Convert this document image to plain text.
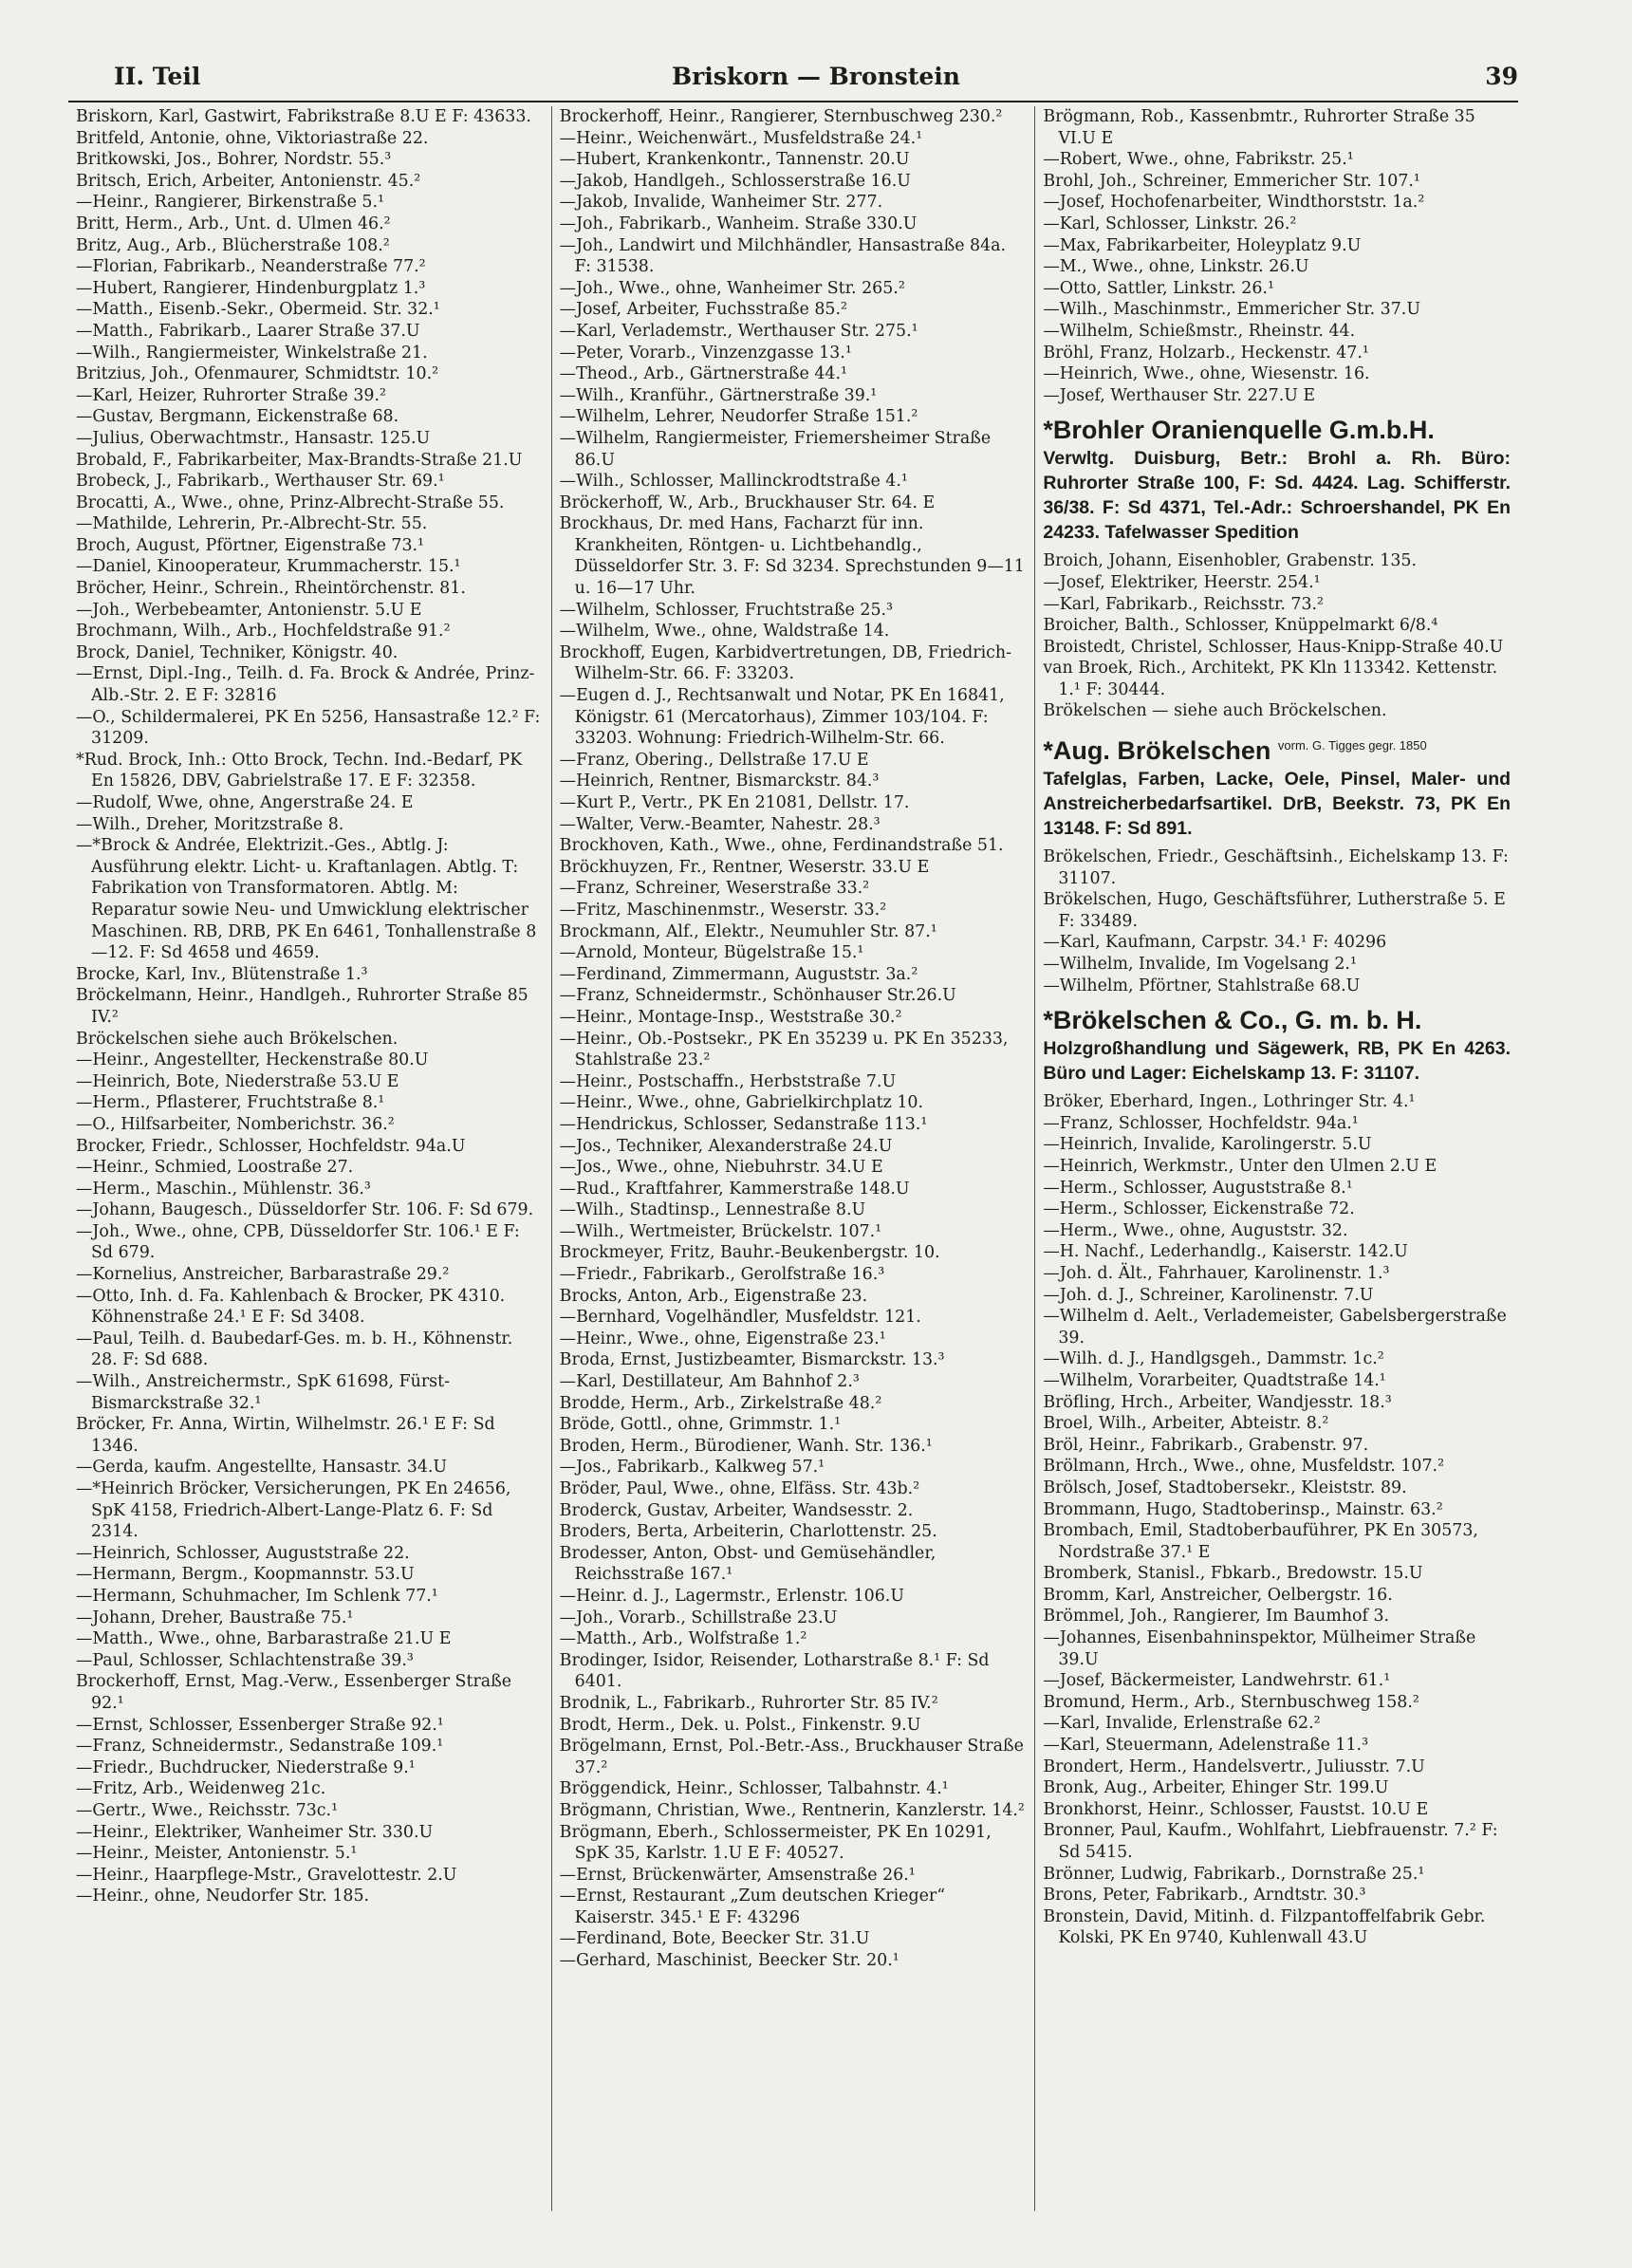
II. Teil	Briskorn — Bronstein	39

Briskorn, Karl, Gastwirt, Fabrikstraße 8.U E F: 43633.

Britfeld, Antonie, ohne, Viktoriastraße 22.

Britkowski, Jos., Bohrer, Nordstr. 55.³

Britsch, Erich, Arbeiter, Antonienstr. 45.²

—Heinr., Rangierer, Birkenstraße 5.¹

Britt, Herm., Arb., Unt. d. Ulmen 46.²

Britz, Aug., Arb., Blücherstraße 108.²

—Florian, Fabrikarb., Neanderstraße 77.²

—Hubert, Rangierer, Hindenburgplatz 1.³

—Matth., Eisenb.-Sekr., Obermeid. Str. 32.¹

—Matth., Fabrikarb., Laarer Straße 37.U

—Wilh., Rangiermeister, Winkelstraße 21.

Britzius, Joh., Ofenmaurer, Schmidtstr. 10.²

—Karl, Heizer, Ruhrorter Straße 39.²

—Gustav, Bergmann, Eickenstraße 68.

—Julius, Oberwachtmstr., Hansastr. 125.U

Brobald, F., Fabrikarbeiter, Max-Brandts-Straße 21.U

Brobeck, J., Fabrikarb., Werthauser Str. 69.¹

Brocatti, A., Wwe., ohne, Prinz-Albrecht-Straße 55.

—Mathilde, Lehrerin, Pr.-Albrecht-Str. 55.

Broch, August, Pförtner, Eigenstraße 73.¹

—Daniel, Kinooperateur, Krummacherstr. 15.¹

Bröcher, Heinr., Schrein., Rheintörchenstr. 81.

—Joh., Werbebeamter, Antonienstr. 5.U E

Brochmann, Wilh., Arb., Hochfeldstraße 91.²

Brock, Daniel, Techniker, Königstr. 40.

—Ernst, Dipl.-Ing., Teilh. d. Fa. Brock & Andrée, Prinz- Alb.-Str. 2. E F: 32816

—O., Schildermalerei, PK En 5256, Hansastraße 12.² F: 31209.

*Rud. Brock, Inh.: Otto Brock, Techn. Ind.-Bedarf, PK En 15826, DBV, Gabrielstraße 17. E F: 32358.

—Rudolf, Wwe, ohne, Angerstraße 24. E

—Wilh., Dreher, Moritzstraße 8.

—*Brock & Andrée, Elektrizit.-Ges., Abtlg. J: Ausführung elektr. Licht- u. Kraftanlagen. Abtlg. T: Fabrikation von Transformatoren. Abtlg. M: Reparatur sowie Neu- und Umwicklung elektrischer Maschinen. RB, DRB, PK En 6461, Tonhallenstraße 8—12. F: Sd 4658 und 4659.

Brocke, Karl, Inv., Blütenstraße 1.³

Bröckelmann, Heinr., Handlgeh., Ruhrorter Straße 85 IV.²

Bröckelschen siehe auch Brökelschen.

—Heinr., Angestellter, Heckenstraße 80.U

—Heinrich, Bote, Niederstraße 53.U E

—Herm., Pflasterer, Fruchtstraße 8.¹

—O., Hilfsarbeiter, Nomberichstr. 36.²

Brocker, Friedr., Schlosser, Hochfeldstr. 94a.U

—Heinr., Schmied, Loostraße 27.

—Herm., Maschin., Mühlenstr. 36.³

—Johann, Baugesch., Düsseldorfer Str. 106. F: Sd 679.

—Joh., Wwe., ohne, CPB, Düsseldorfer Str. 106.¹ E F: Sd 679.

—Kornelius, Anstreicher, Barbarastraße 29.²

—Otto, Inh. d. Fa. Kahlenbach & Brocker, PK 4310. Köhnenstraße 24.¹ E F: Sd 3408.

—Paul, Teilh. d. Baubedarf-Ges. m. b. H., Köhnenstr. 28. F: Sd 688.

—Wilh., Anstreichermstr., SpK 61698, Fürst-Bismarckstraße 32.¹

Bröcker, Fr. Anna, Wirtin, Wilhelmstr. 26.¹ E F: Sd 1346.

—Gerda, kaufm. Angestellte, Hansastr. 34.U

—*Heinrich Bröcker, Versicherungen, PK En 24656, SpK 4158, Friedrich-Albert-Lange-Platz 6. F: Sd 2314.

—Heinrich, Schlosser, Auguststraße 22.

—Hermann, Bergm., Koopmannstr. 53.U

—Hermann, Schuhmacher, Im Schlenk 77.¹

—Johann, Dreher, Baustraße 75.¹

—Matth., Wwe., ohne, Barbarastraße 21.U E

—Paul, Schlosser, Schlachtenstraße 39.³

Brockerhoff, Ernst, Mag.-Verw., Essenberger Straße 92.¹

—Ernst, Schlosser, Essenberger Straße 92.¹

—Franz, Schneidermstr., Sedanstraße 109.¹

—Friedr., Buchdrucker, Niederstraße 9.¹

—Fritz, Arb., Weidenweg 21c.

—Gertr., Wwe., Reichsstr. 73c.¹

—Heinr., Elektriker, Wanheimer Str. 330.U

—Heinr., Meister, Antonienstr. 5.¹

—Heinr., Haarpflege-Mstr., Gravelottestr. 2.U

—Heinr., ohne, Neudorfer Str. 185.

Brockerhoff, Heinr., Rangierer, Sternbuschweg 230.²

—Heinr., Weichenwärt., Musfeldstraße 24.¹

—Hubert, Krankenkontr., Tannenstr. 20.U

—Jakob, Handlgeh., Schlosserstraße 16.U

—Jakob, Invalide, Wanheimer Str. 277.

—Joh., Fabrikarb., Wanheim. Straße 330.U

—Joh., Landwirt und Milchhändler, Hansastraße 84a. F: 31538.

—Joh., Wwe., ohne, Wanheimer Str. 265.²

—Josef, Arbeiter, Fuchsstraße 85.²

—Karl, Verlademstr., Werthauser Str. 275.¹

—Peter, Vorarb., Vinzenzgasse 13.¹

—Theod., Arb., Gärtnerstraße 44.¹

—Wilh., Kranführ., Gärtnerstraße 39.¹

—Wilhelm, Lehrer, Neudorfer Straße 151.²

—Wilhelm, Rangiermeister, Friemersheimer Straße 86.U

—Wilh., Schlosser, Mallinckrodtstraße 4.¹

Bröckerhoff, W., Arb., Bruckhauser Str. 64. E

Brockhaus, Dr. med Hans, Facharzt für inn. Krankheiten, Röntgen- u. Lichtbehandlg., Düsseldorfer Str. 3. F: Sd 3234. Sprechstunden 9—11 u. 16—17 Uhr.

—Wilhelm, Schlosser, Fruchtstraße 25.³

—Wilhelm, Wwe., ohne, Waldstraße 14.

Brockhoff, Eugen, Karbidvertretungen, DB, Friedrich-Wilhelm-Str. 66. F: 33203.

—Eugen d. J., Rechtsanwalt und Notar, PK En 16841, Königstr. 61 (Mercatorhaus), Zimmer 103/104. F: 33203. Wohnung: Friedrich-Wilhelm-Str. 66.

—Franz, Obering., Dellstraße 17.U E

—Heinrich, Rentner, Bismarckstr. 84.³

—Kurt P., Vertr., PK En 21081, Dellstr. 17.

—Walter, Verw.-Beamter, Nahestr. 28.³

Brockhoven, Kath., Wwe., ohne, Ferdinandstraße 51.

Bröckhuyzen, Fr., Rentner, Weserstr. 33.U E

—Franz, Schreiner, Weserstraße 33.²

—Fritz, Maschinenmstr., Weserstr. 33.²

Brockmann, Alf., Elektr., Neumuhler Str. 87.¹

—Arnold, Monteur, Bügelstraße 15.¹

—Ferdinand, Zimmermann, Auguststr. 3a.²

—Franz, Schneidermstr., Schönhauser Str.26.U

—Heinr., Montage-Insp., Weststraße 30.²

—Heinr., Ob.-Postsekr., PK En 35239 u. PK En 35233, Stahlstraße 23.²

—Heinr., Postschaffn., Herbststraße 7.U

—Heinr., Wwe., ohne, Gabrielkirchplatz 10.

—Hendrickus, Schlosser, Sedanstraße 113.¹

—Jos., Techniker, Alexanderstraße 24.U

—Jos., Wwe., ohne, Niebuhrstr. 34.U E

—Rud., Kraftfahrer, Kammerstraße 148.U

—Wilh., Stadtinsp., Lennestraße 8.U

—Wilh., Wertmeister, Brückelstr. 107.¹

Brockmeyer, Fritz, Bauhr.-Beukenbergstr. 10.

—Friedr., Fabrikarb., Gerolfstraße 16.³

Brocks, Anton, Arb., Eigenstraße 23.

—Bernhard, Vogelhändler, Musfeldstr. 121.

—Heinr., Wwe., ohne, Eigenstraße 23.¹

Broda, Ernst, Justizbeamter, Bismarckstr. 13.³

—Karl, Destillateur, Am Bahnhof 2.³

Brodde, Herm., Arb., Zirkelstraße 48.²

Bröde, Gottl., ohne, Grimmstr. 1.¹

Broden, Herm., Bürodiener, Wanh. Str. 136.¹

—Jos., Fabrikarb., Kalkweg 57.¹

Bröder, Paul, Wwe., ohne, Elfäss. Str. 43b.²

Broderck, Gustav, Arbeiter, Wandsesstr. 2.

Broders, Berta, Arbeiterin, Charlottenstr. 25.

Brodesser, Anton, Obst- und Gemüsehändler, Reichsstraße 167.¹

—Heinr. d. J., Lagermstr., Erlenstr. 106.U

—Joh., Vorarb., Schillstraße 23.U

—Matth., Arb., Wolfstraße 1.²

Brodinger, Isidor, Reisender, Lotharstraße 8.¹ F: Sd 6401.

Brodnik, L., Fabrikarb., Ruhrorter Str. 85 IV.²

Brodt, Herm., Dek. u. Polst., Finkenstr. 9.U

Brögelmann, Ernst, Pol.-Betr.-Ass., Bruckhauser Straße 37.²

Bröggendick, Heinr., Schlosser, Talbahnstr. 4.¹

Brögmann, Christian, Wwe., Rentnerin, Kanzlerstr. 14.²

Brögmann, Eberh., Schlossermeister, PK En 10291, SpK 35, Karlstr. 1.U E F: 40527.

—Ernst, Brückenwärter, Amsenstraße 26.¹

—Ernst, Restaurant „Zum deutschen Krieger“ Kaiserstr. 345.¹ E F: 43296

—Ferdinand, Bote, Beecker Str. 31.U

—Gerhard, Maschinist, Beecker Str. 20.¹

Brögmann, Rob., Kassenbmtr., Ruhrorter Straße 35 VI.U E

—Robert, Wwe., ohne, Fabrikstr. 25.¹

Brohl, Joh., Schreiner, Emmericher Str. 107.¹

—Josef, Hochofenarbeiter, Windthorststr. 1a.²

—Karl, Schlosser, Linkstr. 26.²

—Max, Fabrikarbeiter, Holeyplatz 9.U

—M., Wwe., ohne, Linkstr. 26.U

—Otto, Sattler, Linkstr. 26.¹

—Wilh., Maschinmstr., Emmericher Str. 37.U

—Wilhelm, Schießmstr., Rheinstr. 44.

Bröhl, Franz, Holzarb., Heckenstr. 47.¹

—Heinrich, Wwe., ohne, Wiesenstr. 16.

—Josef, Werthauser Str. 227.U E

*Brohler Oranienquelle G.m.b.H.
Verwltg. Duisburg, Betr.: Brohl a. Rh. Büro: Ruhrorter Straße 100, F: Sd. 4424. Lag. Schifferstr. 36/38. F: Sd 4371, Tel.-Adr.: Schroershandel, PK En 24233. Tafelwasser Spedition

Broich, Johann, Eisenhobler, Grabenstr. 135.

—Josef, Elektriker, Heerstr. 254.¹

—Karl, Fabrikarb., Reichsstr. 73.²

Broicher, Balth., Schlosser, Knüppelmarkt 6/8.⁴

Broistedt, Christel, Schlosser, Haus-Knipp-Straße 40.U

van Broek, Rich., Architekt, PK Kln 113342. Kettenstr. 1.¹ F: 30444.

Brökelschen — siehe auch Bröckelschen.

*Aug. Brökelschen $^{vorm. G. Tigges gegr. 1850}$
Tafelglas, Farben, Lacke, Oele, Pinsel, Maler- und Anstreicherbedarfsartikel. DrB, Beekstr. 73, PK En 13148. F: Sd 891.

Brökelschen, Friedr., Geschäftsinh., Eichelskamp 13. F: 31107.

Brökelschen, Hugo, Geschäftsführer, Lutherstraße 5. E F: 33489.

—Karl, Kaufmann, Carpstr. 34.¹ F: 40296

—Wilhelm, Invalide, Im Vogelsang 2.¹

—Wilhelm, Pförtner, Stahlstraße 68.U

*Brökelschen & Co., G. m. b. H.
Holzgroßhandlung und Sägewerk, RB, PK En 4263. Büro und Lager: Eichelskamp 13. F: 31107.

Bröker, Eberhard, Ingen., Lothringer Str. 4.¹

—Franz, Schlosser, Hochfeldstr. 94a.¹

—Heinrich, Invalide, Karolingerstr. 5.U

—Heinrich, Werkmstr., Unter den Ulmen 2.U E

—Herm., Schlosser, Auguststraße 8.¹

—Herm., Schlosser, Eickenstraße 72.

—Herm., Wwe., ohne, Auguststr. 32.

—H. Nachf., Lederhandlg., Kaiserstr. 142.U

—Joh. d. Ält., Fahrhauer, Karolinenstr. 1.³

—Joh. d. J., Schreiner, Karolinenstr. 7.U

—Wilhelm d. Aelt., Verlademeister, Gabelsbergerstraße 39.

—Wilh. d. J., Handlgsgeh., Dammstr. 1c.²

—Wilhelm, Vorarbeiter, Quadtstraße 14.¹

Bröfling, Hrch., Arbeiter, Wandjesstr. 18.³

Broel, Wilh., Arbeiter, Abteistr. 8.²

Bröl, Heinr., Fabrikarb., Grabenstr. 97.

Brölmann, Hrch., Wwe., ohne, Musfeldstr. 107.²

Brölsch, Josef, Stadtobersekr., Kleiststr. 89.

Brommann, Hugo, Stadtoberinsp., Mainstr. 63.²

Brombach, Emil, Stadtoberbauführer, PK En 30573, Nordstraße 37.¹ E

Bromberk, Stanisl., Fbkarb., Bredowstr. 15.U

Bromm, Karl, Anstreicher, Oelbergstr. 16.

Brömmel, Joh., Rangierer, Im Baumhof 3.

—Johannes, Eisenbahninspektor, Mülheimer Straße 39.U

—Josef, Bäckermeister, Landwehrstr. 61.¹

Bromund, Herm., Arb., Sternbuschweg 158.²

—Karl, Invalide, Erlenstraße 62.²

—Karl, Steuermann, Adelenstraße 11.³

Brondert, Herm., Handelsvertr., Juliusstr. 7.U

Bronk, Aug., Arbeiter, Ehinger Str. 199.U

Bronkhorst, Heinr., Schlosser, Faustst. 10.U E

Bronner, Paul, Kaufm., Wohlfahrt, Liebfrauenstr. 7.² F: Sd 5415.

Brönner, Ludwig, Fabrikarb., Dornstraße 25.¹

Brons, Peter, Fabrikarb., Arndtstr. 30.³

Bronstein, David, Mitinh. d. Filzpantoffelfabrik Gebr. Kolski, PK En 9740, Kuhlenwall 43.U
